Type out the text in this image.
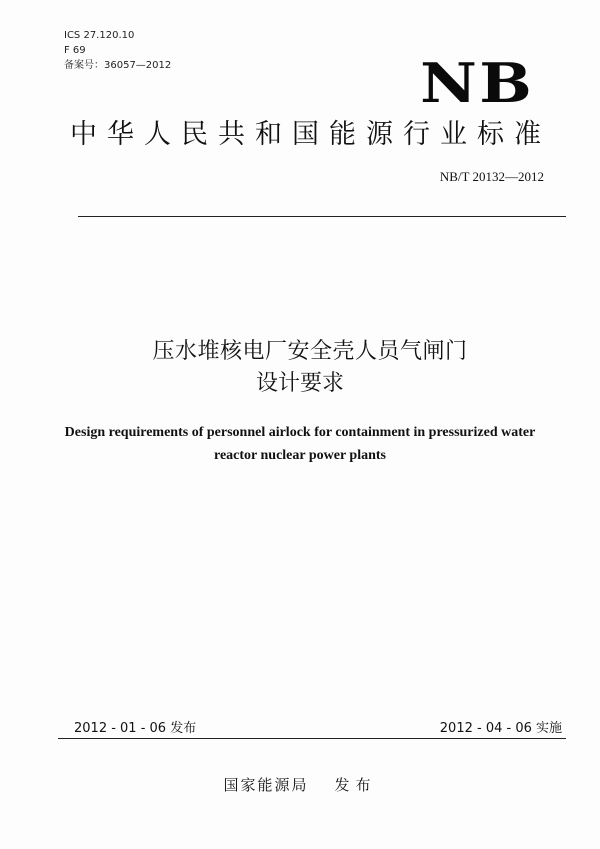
ICS 27.120.10
F 69
备案号：36057—2012	NB
中华人民共和国能源行业标准
NB/T 20132—2012
压水堆核电厂安全壳人员气闸门
设计要求
Design requirements of personnel airlock for containment in pressurized water
reactor nuclear power plants
2012 - 01 - 06 发布	2012 - 04 - 06 实施
国家能源局 发布
